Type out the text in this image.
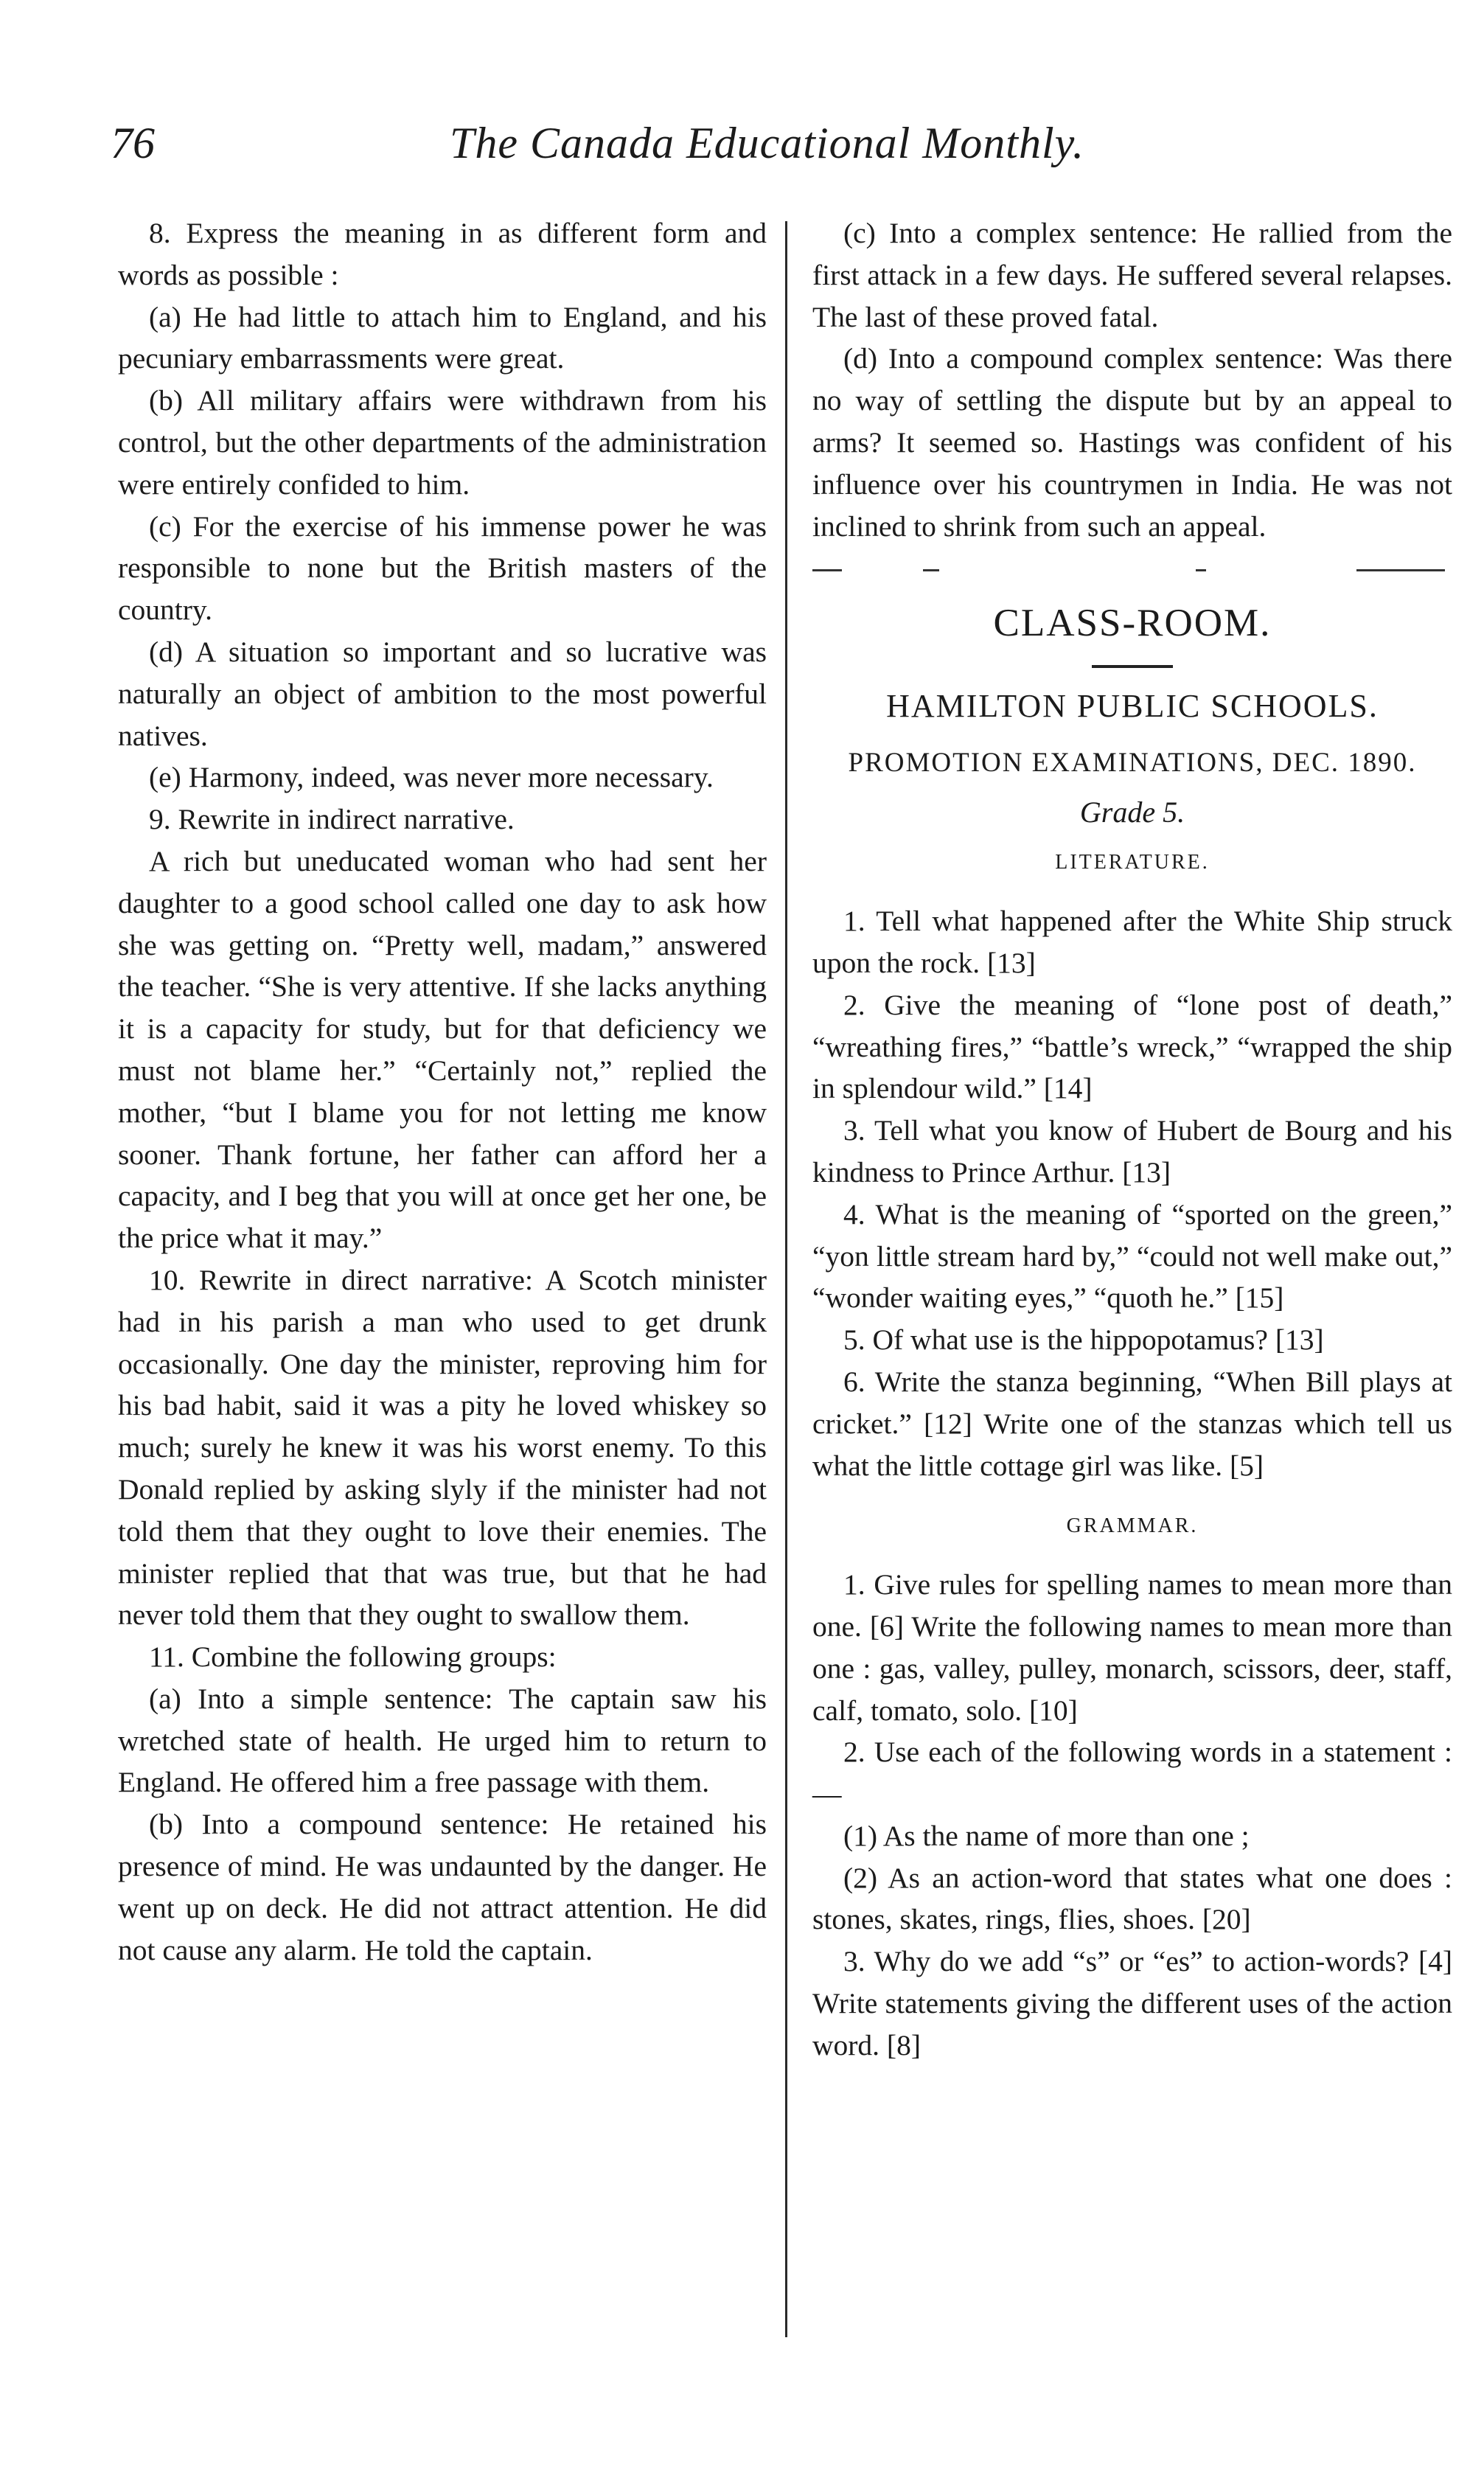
76	The Canada Educational Monthly.

8. Express the meaning in as different form and words as possible :

(a) He had little to attach him to England, and his pecuniary embarrassments were great.

(b) All military affairs were withdrawn from his control, but the other departments of the administration were entirely confided to him.

(c) For the exercise of his immense power he was responsible to none but the British masters of the country.

(d) A situation so important and so lucrative was naturally an object of ambition to the most powerful natives.

(e) Harmony, indeed, was never more necessary.

9. Rewrite in indirect narrative.

A rich but uneducated woman who had sent her daughter to a good school called one day to ask how she was getting on. “Pretty well, madam,” answered the teacher. “She is very attentive. If she lacks anything it is a capacity for study, but for that deficiency we must not blame her.” “Certainly not,” replied the mother, “but I blame you for not letting me know sooner. Thank fortune, her father can afford her a capacity, and I beg that you will at once get her one, be the price what it may.”

10. Rewrite in direct narrative: A Scotch minister had in his parish a man who used to get drunk occasionally. One day the minister, reproving him for his bad habit, said it was a pity he loved whiskey so much; surely he knew it was his worst enemy. To this Donald replied by asking slyly if the minister had not told them that they ought to love their enemies. The minister replied that that was true, but that he had never told them that they ought to swallow them.

11. Combine the following groups:

(a) Into a simple sentence: The captain saw his wretched state of health. He urged him to return to England. He offered him a free passage with them.

(b) Into a compound sentence: He retained his presence of mind. He was undaunted by the danger. He went up on deck. He did not attract attention. He did not cause any alarm. He told the captain.

(c) Into a complex sentence: He rallied from the first attack in a few days. He suffered several relapses. The last of these proved fatal.

(d) Into a compound complex sentence: Was there no way of settling the dispute but by an appeal to arms? It seemed so. Hastings was confident of his influence over his countrymen in India. He was not inclined to shrink from such an appeal.

CLASS-ROOM.
HAMILTON PUBLIC SCHOOLS.
PROMOTION EXAMINATIONS, DEC. 1890.
Grade 5.
LITERATURE.

1. Tell what happened after the White Ship struck upon the rock. [13]

2. Give the meaning of “lone post of death,” “wreathing fires,” “battle’s wreck,” “wrapped the ship in splendour wild.” [14]

3. Tell what you know of Hubert de Bourg and his kindness to Prince Arthur. [13]

4. What is the meaning of “sported on the green,” “yon little stream hard by,” “could not well make out,” “wonder waiting eyes,” “quoth he.” [15]

5. Of what use is the hippopotamus? [13]

6. Write the stanza beginning, “When Bill plays at cricket.” [12] Write one of the stanzas which tell us what the little cottage girl was like. [5]

GRAMMAR.

1. Give rules for spelling names to mean more than one. [6] Write the following names to mean more than one : gas, valley, pulley, monarch, scissors, deer, staff, calf, tomato, solo. [10]

2. Use each of the following words in a statement :—

(1) As the name of more than one ;

(2) As an action-word that states what one does : stones, skates, rings, flies, shoes. [20]

3. Why do we add “s” or “es” to action-words? [4] Write statements giving the different uses of the action word. [8]
